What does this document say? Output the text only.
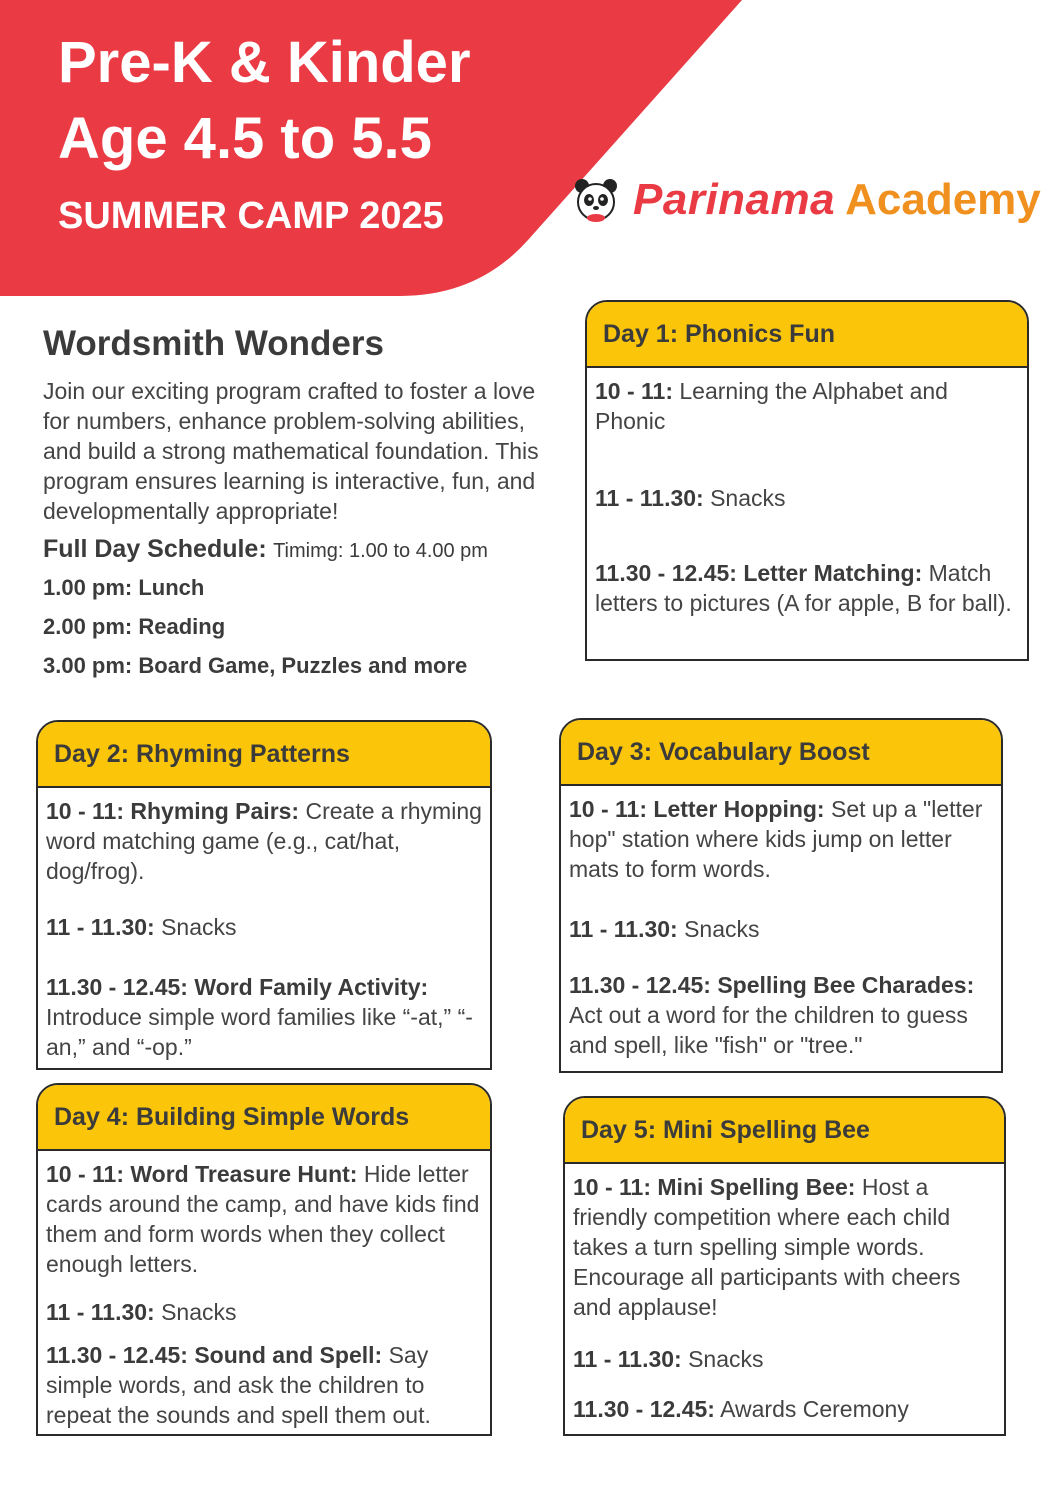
Pre-K & Kinder
Age 4.5 to 5.5
SUMMER CAMP 2025	Parinama Academy
Wordsmith Wonders

Join our exciting program crafted to foster a love for numbers, enhance problem-solving abilities, and build a strong mathematical foundation. This program ensures learning is interactive, fun, and developmentally appropriate!

Full Day Schedule: Timimg: 1.00 to 4.00 pm
1.00 pm: Lunch
2.00 pm: Reading
3.00 pm: Board Game, Puzzles and more
Day 1: Phonics Fun

10 - 11: Learning the Alphabet and Phonic

11 - 11.30: Snacks

11.30 - 12.45: Letter Matching: Match letters to pictures (A for apple, B for ball).

Day 2: Rhyming Patterns

10 - 11: Rhyming Pairs: Create a rhyming word matching game (e.g., cat/hat, dog/frog).

11 - 11.30: Snacks

11.30 - 12.45: Word Family Activity: Introduce simple word families like “-at,” “-an,” and “-op.”

Day 3: Vocabulary Boost

10 - 11: Letter Hopping: Set up a "letter hop" station where kids jump on letter mats to form words.

11 - 11.30: Snacks

11.30 - 12.45: Spelling Bee Charades: Act out a word for the children to guess and spell, like "fish" or "tree."

Day 4: Building Simple Words

10 - 11: Word Treasure Hunt: Hide letter cards around the camp, and have kids find them and form words when they collect enough letters.

11 - 11.30: Snacks

11.30 - 12.45: Sound and Spell: Say simple words, and ask the children to repeat the sounds and spell them out.

Day 5: Mini Spelling Bee

10 - 11: Mini Spelling Bee: Host a friendly competition where each child takes a turn spelling simple words. Encourage all participants with cheers and applause!

11 - 11.30: Snacks

11.30 - 12.45: Awards Ceremony
